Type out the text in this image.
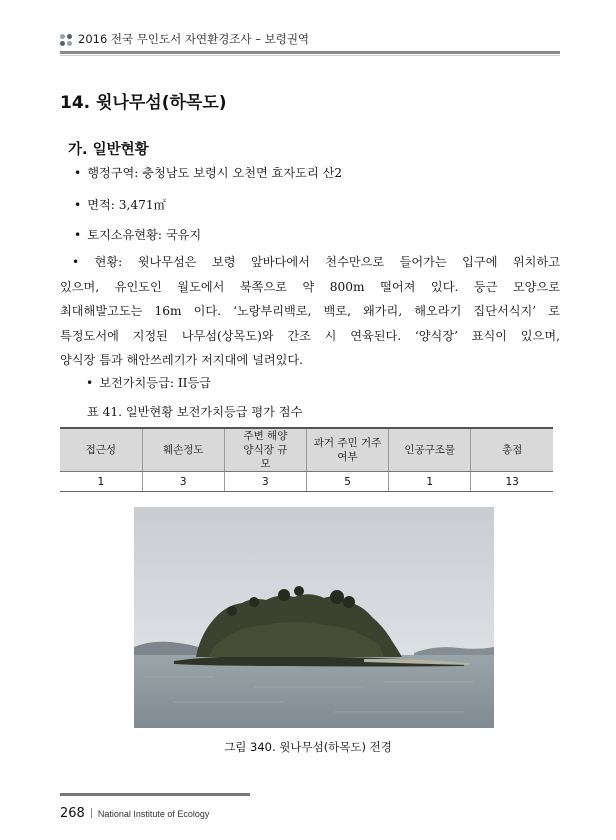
2016 전국 무인도서 자연환경조사 – 보령권역
14. 윗나무섬(하목도)
가. 일반현황
• 행정구역: 충청남도 보령시 오천면 효자도리 산2
• 면적: 3,471㎡
• 토지소유현황: 국유지
• 현황: 윗나무섬은 보령 앞바다에서 천수만으로 들어가는 입구에 위치하고
있으며, 유인도인 월도에서 북쪽으로 약 800m 떨어져 있다. 둥근 모양으로
최대해발고도는 16m 이다. ‘노랑부리백로, 백로, 왜가리, 해오라기 집단서식지’ 로
특정도서에 지정된 나무섬(상목도)와 간조 시 연육된다. ‘양식장’ 표식이 있으며,
양식장 틈과 해안쓰레기가 저지대에 널려있다.
• 보전가치등급: II등급
표 41. 일반현황 보전가치등급 평가 점수
접근성	훼손정도	주변 해양 양식장 규모	과거 주민 거주 여부	인공구조물	총점
1	3	3	5	1	13
그림 340. 윗나무섬(하목도) 전경
268 National Institute of Ecology
